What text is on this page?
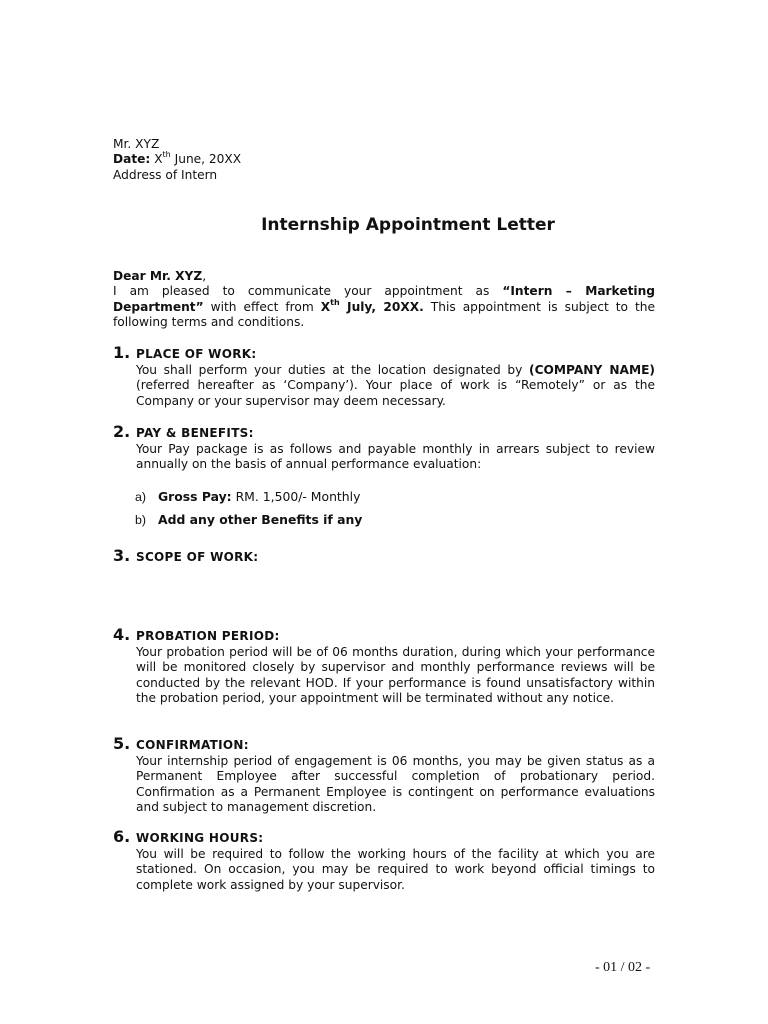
Mr. XYZ
Date: Xth June, 20XX
Address of Intern
Internship Appointment Letter
Dear Mr. XYZ,
I am pleased to communicate your appointment as “Intern – Marketing Department” with effect from Xth July, 20XX. This appointment is subject to the following terms and conditions.
1. PLACE OF WORK:
You shall perform your duties at the location designated by (COMPANY NAME) (referred hereafter as ‘Company’). Your place of work is “Remotely” or as the Company or your supervisor may deem necessary.
2. PAY & BENEFITS:
Your Pay package is as follows and payable monthly in arrears subject to review annually on the basis of annual performance evaluation:
a) Gross Pay: RM. 1,500/- Monthly
b) Add any other Benefits if any
3. SCOPE OF WORK:
4. PROBATION PERIOD:
Your probation period will be of 06 months duration, during which your performance will be monitored closely by supervisor and monthly performance reviews will be conducted by the relevant HOD. If your performance is found unsatisfactory within the probation period, your appointment will be terminated without any notice.
5. CONFIRMATION:
Your internship period of engagement is 06 months, you may be given status as a Permanent Employee after successful completion of probationary period. Confirmation as a Permanent Employee is contingent on performance evaluations and subject to management discretion.
6. WORKING HOURS:
You will be required to follow the working hours of the facility at which you are stationed. On occasion, you may be required to work beyond official timings to complete work assigned by your supervisor.
- 01 / 02 -
